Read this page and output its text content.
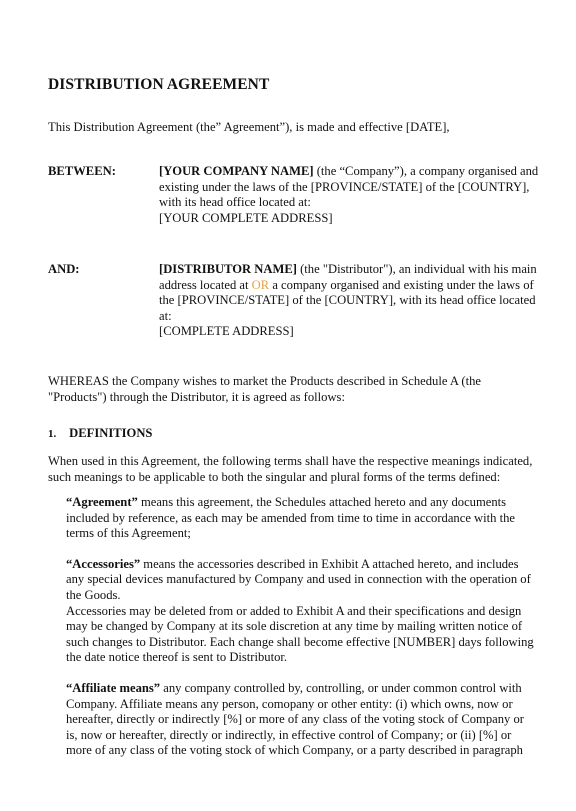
DISTRIBUTION AGREEMENT
This Distribution Agreement (the” Agreement”), is made and effective [DATE],
BETWEEN:	[YOUR COMPANY NAME] (the “Company”), a company organised and existing under the laws of the [PROVINCE/STATE] of the [COUNTRY], with its head office located at:

[YOUR COMPLETE ADDRESS]

AND:	[DISTRIBUTOR NAME] (the "Distributor"), an individual with his main address located at OR a company organised and existing under the laws of the [PROVINCE/STATE] of the [COUNTRY], with its head office located at:

[COMPLETE ADDRESS]

WHEREAS the Company wishes to market the Products described in Schedule A (the "Products") through the Distributor, it is agreed as follows:
1. DEFINITIONS
When used in this Agreement, the following terms shall have the respective meanings indicated, such meanings to be applicable to both the singular and plural forms of the terms defined:
“Agreement” means this agreement, the Schedules attached hereto and any documents included by reference, as each may be amended from time to time in accordance with the terms of this Agreement;
“Accessories” means the accessories described in Exhibit A attached hereto, and includes any special devices manufactured by Company and used in connection with the operation of the Goods.
Accessories may be deleted from or added to Exhibit A and their specifications and design may be changed by Company at its sole discretion at any time by mailing written notice of such changes to Distributor. Each change shall become effective [NUMBER] days following the date notice thereof is sent to Distributor.
“Affiliate means” any company controlled by, controlling, or under common control with Company. Affiliate means any person, comopany or other entity: (i) which owns, now or hereafter, directly or indirectly [%] or more of any class of the voting stock of Company or is, now or hereafter, directly or indirectly, in effective control of Company; or (ii) [%] or more of any class of the voting stock of which Company, or a party described in paragraph
